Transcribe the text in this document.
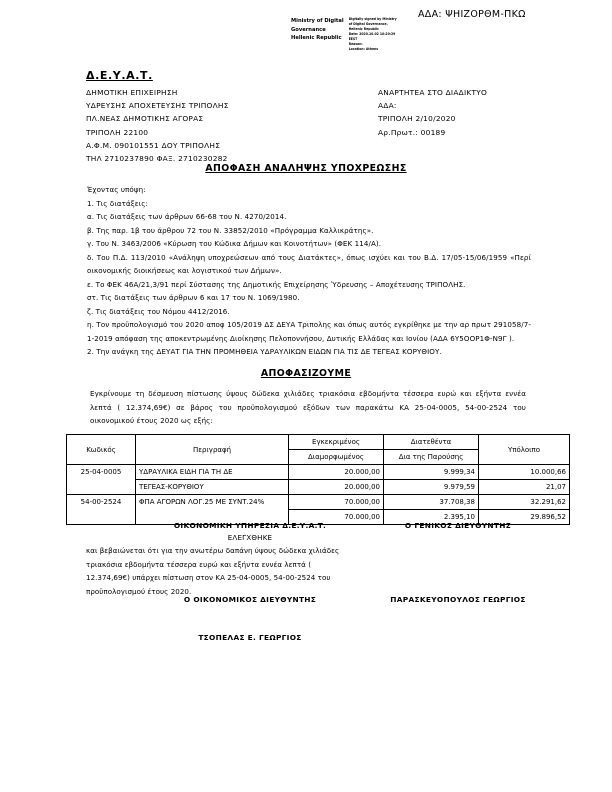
ΑΔΑ: ΨΗΙΖΟΡΘΜ-ΠΚΩ
Ministry of Digital
Governance
Hellenic Republic
Digitally signed by Ministry
of Digital Governance,
Hellenic Republic
Date: 2020.10.02 10:20:29
EEST
Reason:
Location: Athens
Δ.Ε.Υ.Α.Τ.
ΔΗΜΟΤΙΚΗ ΕΠΙΧΕΙΡΗΣΗ
ΥΔΡΕΥΣΗΣ ΑΠΟΧΕΤΕΥΣΗΣ ΤΡΙΠΟΛΗΣ
ΠΛ.ΝΕΑΣ ΔΗΜΟΤΙΚΗΣ ΑΓΟΡΑΣ
ΤΡΙΠΟΛΗ 22100
Α.Φ.Μ. 090101551 ΔΟΥ ΤΡΙΠΟΛΗΣ
ΤΗΛ 2710237890 ΦΑΞ. 2710230282
ΑΝΑΡΤΗΤΕΑ ΣΤΟ ΔΙΑΔΙΚΤΥΟ
ΑΔΑ:
ΤΡΙΠΟΛΗ 2/10/2020
Αρ.Πρωτ.: 00189
ΑΠΟΦΑΣΗ ΑΝΑΛΗΨΗΣ ΥΠΟΧΡΕΩΣΗΣ
Έχοντας υπόψη:
1. Τις διατάξεις:
α. Τις διατάξεις των άρθρων 66-68 του Ν. 4270/2014.
β. Της παρ. 1β του άρθρου 72 του Ν. 33852/2010 «Πρόγραμμα Καλλικράτης».
γ. Του Ν. 3463/2006 «Κύρωση του Κώδικα Δήμων και Κοινοτήτων» (ΦΕΚ 114/Α).
δ. Του Π.Δ. 113/2010 «Ανάληψη υποχρεώσεων από τους Διατάκτες», όπως ισχύει και του Β.Δ. 17/05-15/06/1959 «Περί οικονομικής διοικήσεως και λογιστικού των Δήμων».
ε. Το ΦΕΚ 46Α/21,3/91 περί Σύστασης της Δημοτικής Επιχείρησης Ύδρευσης – Αποχέτευσης ΤΡΙΠΟΛΗΣ.
στ. Τις διατάξεις των άρθρων 6 και 17 του Ν. 1069/1980.
ζ. Τις διατάξεις του Νόμου 4412/2016.
η. Τον προϋπολογισμό του 2020 αποφ 105/2019 ΔΣ ΔΕΥΑ Τριπολης και όπως αυτός εγκρίθηκε με την αρ πρωτ 291058/7-1-2019 απόφαση της αποκεντρωμένης Διοίκησης Πελοποννήσου, Δυτικής Ελλάδας και Ιονίου (ΑΔΑ 6Υ5ΟΟΡ1Φ-Ν9Γ ).
2. Την ανάγκη της ΔΕΥΑΤ ΓΙΑ ΤΗΝ ΠΡΟΜΗΘΕΙΑ ΥΔΡΑΥΛΙΚΩΝ ΕΙΔΩΝ ΓΙΑ ΤΙΣ ΔΕ ΤΕΓΕΑΣ ΚΟΡΥΘΙΟΥ.
ΑΠΟΦΑΣΙΖΟΥΜΕ
Εγκρίνουμε τη δέσμευση πίστωσης ύψους δώδεκα χιλιάδες τριακόσια εβδομήντα τέσσερα ευρώ και εξήντα εννέα λεπτά ( 12.374,69€) σε βάρος του προϋπολογισμού εξόδων των παρακάτω ΚΑ 25-04-0005, 54-00-2524 του οικονομικού έτους 2020 ως εξής:
Κωδικός	Περιγραφή	Εγκεκριμένος	Διατεθέντα	Υπόλοιπο
		Διαμορφωμένος	Δια της Παρούσης	
25-04-0005	ΥΔΡΑΥΛΙΚΑ ΕΙΔΗ ΓΙΑ ΤΗ ΔΕ	20.000,00	9.999,34	10.000,66
	ΤΕΓΕΑΣ-ΚΟΡΥΘΙΟΥ	20.000,00	9.979,59	21,07
54-00-2524	ΦΠΑ ΑΓΟΡΩΝ ΛΟΓ.25 ΜΕ ΣΥΝΤ.24%	70.000,00	37.708,38	32.291,62
		70.000,00	2.395,10	29.896,52
ΟΙΚΟΝΟΜΙΚΗ ΥΠΗΡΕΣΙΑ Δ.Ε.Υ.Α.Τ.	Ο ΓΕΝΙΚΟΣ ΔΙΕΥΘΥΝΤΗΣ
ΕΛΕΓΧΘΗΚΕ
και βεβαιώνεται ότι για την ανωτέρω δαπάνη ύψους δώδεκα χιλιάδες τριακόσια εβδομήντα τέσσερα ευρώ και εξήντα εννέα λεπτά ( 12.374,69€) υπάρχει πίστωση στον ΚΑ 25-04-0005, 54-00-2524 του προϋπολογισμού έτους 2020.
Ο ΟΙΚΟΝΟΜΙΚΟΣ ΔΙΕΥΘΥΝΤΗΣ	ΠΑΡΑΣΚΕΥΟΠΟΥΛΟΣ ΓΕΩΡΓΙΟΣ
ΤΣΟΠΕΛΑΣ Ε. ΓΕΩΡΓΙΟΣ
